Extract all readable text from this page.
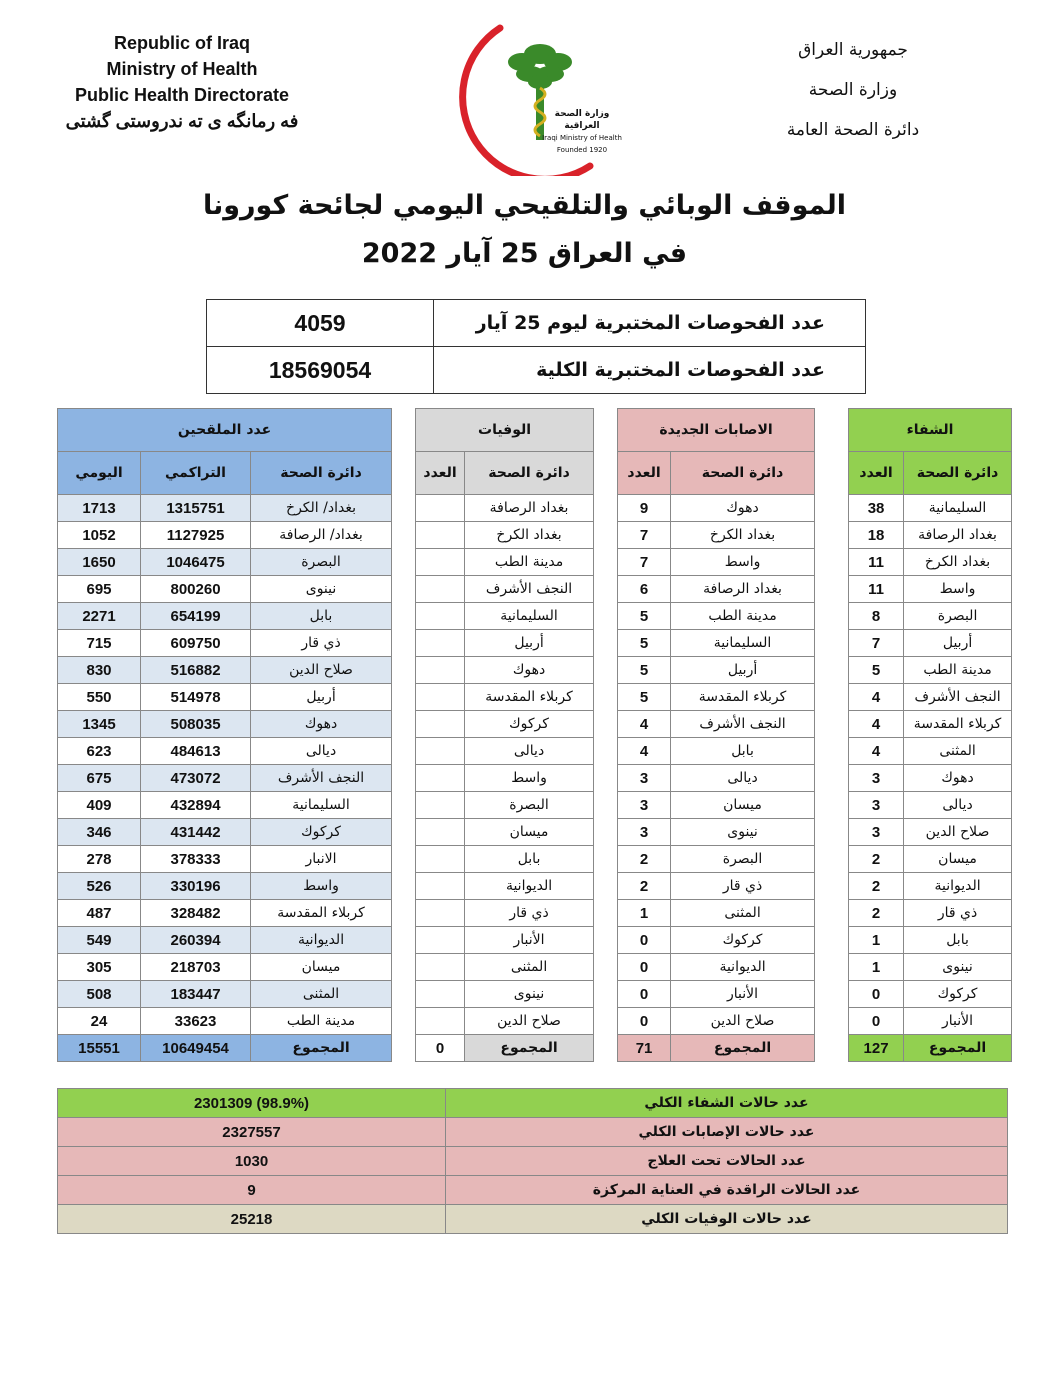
Republic of Iraq
Ministry of Health
Public Health Directorate
فه رمانگه ى ته ندروستى گشتى	وزارة الصحة العراقية
Iraqi Ministry of Health
Founded 1920
جمهورية العراق
وزارة الصحة
دائرة الصحة العامة
الموقف الوبائي والتلقيحي اليومي لجائحة كورونا
في العراق 25 آيار 2022
4059	عدد الفحوصات المختبرية ليوم 25 آيار
18569054	عدد الفحوصات المختبرية الكلية
الشفاء			الاصابات الجديدة			الوفيات			عدد الملقحين		
دائرة الصحة	العدد		دائرة الصحة	العدد		دائرة الصحة	العدد		دائرة الصحة	التراكمي	اليومي
السليمانية	38		دهوك	9		بغداد الرصافة			بغداد/ الكرخ	1315751	1713
بغداد الرصافة	18		بغداد الكرخ	7		بغداد الكرخ			بغداد/ الرصافة	1127925	1052
بغداد الكرخ	11		واسط	7		مدينة الطب			البصرة	1046475	1650
واسط	11		بغداد الرصافة	6		النجف الأشرف			نينوى	800260	695
البصرة	8		مدينة الطب	5		السليمانية			بابل	654199	2271
أربيل	7		السليمانية	5		أربيل			ذي قار	609750	715
مدينة الطب	5		أربيل	5		دهوك			صلاح الدين	516882	830
النجف الأشرف	4		كربلاء المقدسة	5		كربلاء المقدسة			أربيل	514978	550
كربلاء المقدسة	4		النجف الأشرف	4		كركوك			دهوك	508035	1345
المثنى	4		بابل	4		ديالى			ديالى	484613	623
دهوك	3		ديالى	3		واسط			النجف الأشرف	473072	675
ديالى	3		ميسان	3		البصرة			السليمانية	432894	409
صلاح الدين	3		نينوى	3		ميسان			كركوك	431442	346
ميسان	2		البصرة	2		بابل			الانبار	378333	278
الديوانية	2		ذي قار	2		الديوانية			واسط	330196	526
ذي قار	2		المثنى	1		ذي قار			كربلاء المقدسة	328482	487
بابل	1		كركوك	0		الأنبار			الديوانية	260394	549
نينوى	1		الديوانية	0		المثنى			ميسان	218703	305
كركوك	0		الأنبار	0		نينوى			المثنى	183447	508
الأنبار	0		صلاح الدين	0		صلاح الدين			مدينة الطب	33623	24
المجموع	127		المجموع	71		المجموع	0		المجموع	10649454	15551
عدد حالات الشفاء الكلي	2301309 (98.9%)
عدد حالات الإصابات الكلي	2327557
عدد الحالات تحت العلاج	1030
عدد الحالات الراقدة في العناية المركزة	9
عدد حالات الوفيات الكلي	25218
